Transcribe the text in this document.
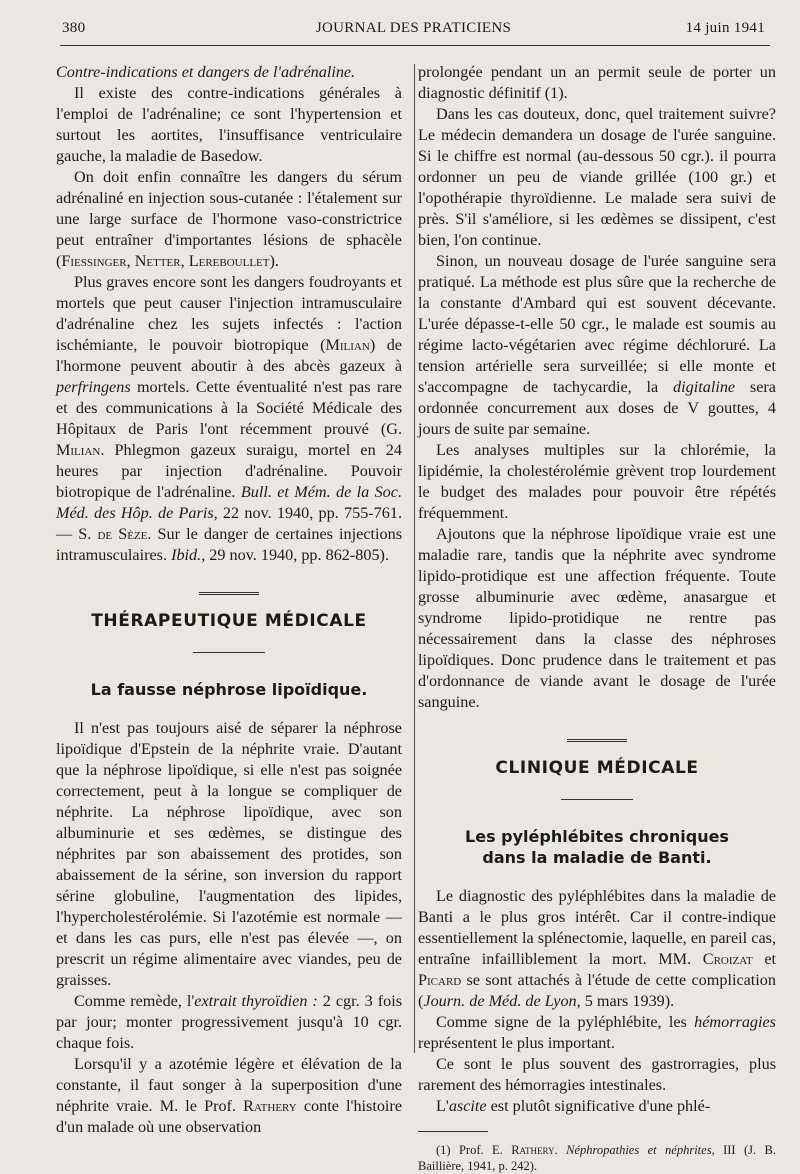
380	JOURNAL DES PRATICIENS	14 juin 1941

Contre-indications et dangers de l'adrénaline.

Il existe des contre-indications générales à l'emploi de l'adrénaline; ce sont l'hypertension et surtout les aortites, l'insuffisance ventriculaire gauche, la maladie de Basedow.

On doit enfin connaître les dangers du sérum adrénaliné en injection sous-cutanée : l'étalement sur une large surface de l'hormone vaso-constrictrice peut entraîner d'importantes lésions de sphacèle (Fiessinger, Netter, Lereboullet).

Plus graves encore sont les dangers foudroyants et mortels que peut causer l'injection intramusculaire d'adrénaline chez les sujets infectés : l'action ischémiante, le pouvoir biotropique (Milian) de l'hormone peuvent aboutir à des abcès gazeux à perfringens mortels. Cette éventualité n'est pas rare et des communications à la Société Médicale des Hôpitaux de Paris l'ont récemment prouvé (G. Milian. Phlegmon gazeux suraigu, mortel en 24 heures par injection d'adrénaline. Pouvoir biotropique de l'adrénaline. Bull. et Mém. de la Soc. Méd. des Hôp. de Paris, 22 nov. 1940, pp. 755-761. — S. de Sèze. Sur le danger de certaines injections intramusculaires. Ibid., 29 nov. 1940, pp. 862-805).

THÉRAPEUTIQUE MÉDICALE
La fausse néphrose lipoïdique.

Il n'est pas toujours aisé de séparer la néphrose lipoïdique d'Epstein de la néphrite vraie. D'autant que la néphrose lipoïdique, si elle n'est pas soignée correctement, peut à la longue se compliquer de néphrite. La néphrose lipoïdique, avec son albuminurie et ses œdèmes, se distingue des néphrites par son abaissement des protides, son abaissement de la sérine, son inversion du rapport sérine globuline, l'augmentation des lipides, l'hypercholestérolémie. Si l'azotémie est normale — et dans les cas purs, elle n'est pas élevée —, on prescrit un régime alimentaire avec viandes, peu de graisses.

Comme remède, l'extrait thyroïdien : 2 cgr. 3 fois par jour; monter progressivement jusqu'à 10 cgr. chaque fois.

Lorsqu'il y a azotémie légère et élévation de la constante, il faut songer à la superposition d'une néphrite vraie. M. le Prof. Rathery conte l'histoire d'un malade où une observation

prolongée pendant un an permit seule de porter un diagnostic définitif (1).

Dans les cas douteux, donc, quel traitement suivre? Le médecin demandera un dosage de l'urée sanguine. Si le chiffre est normal (au-dessous 50 cgr.). il pourra ordonner un peu de viande grillée (100 gr.) et l'opothérapie thyroïdienne. Le malade sera suivi de près. S'il s'améliore, si les œdèmes se dissipent, c'est bien, l'on continue.

Sinon, un nouveau dosage de l'urée sanguine sera pratiqué. La méthode est plus sûre que la recherche de la constante d'Ambard qui est souvent décevante. L'urée dépasse-t-elle 50 cgr., le malade est soumis au régime lacto-végétarien avec régime déchloruré. La tension artérielle sera surveillée; si elle monte et s'accompagne de tachycardie, la digitaline sera ordonnée concurrement aux doses de V gouttes, 4 jours de suite par semaine.

Les analyses multiples sur la chlorémie, la lipidémie, la cholestérolémie grèvent trop lourdement le budget des malades pour pouvoir être répétés fréquemment.

Ajoutons que la néphrose lipoïdique vraie est une maladie rare, tandis que la néphrite avec syndrome lipido-protidique est une affection fréquente. Toute grosse albuminurie avec œdème, anasargue et syndrome lipido-protidique ne rentre pas nécessairement dans la classe des néphroses lipoïdiques. Donc prudence dans le traitement et pas d'ordonnance de viande avant le dosage de l'urée sanguine.

CLINIQUE MÉDICALE
Les pyléphlébites chroniques
dans la maladie de Banti.

Le diagnostic des pyléphlébites dans la maladie de Banti a le plus gros intérêt. Car il contre-indique essentiellement la splénectomie, laquelle, en pareil cas, entraîne infailliblement la mort. MM. Croizat et Picard se sont attachés à l'étude de cette complication (Journ. de Méd. de Lyon, 5 mars 1939).

Comme signe de la pyléphlébite, les hémorragies représentent le plus important.

Ce sont le plus souvent des gastrorragies, plus rarement des hémorragies intestinales.

L'ascite est plutôt significative d'une phlé-

(1) Prof. E. Rathery. Néphropathies et néphrites, III (J. B. Baillière, 1941, p. 242).
